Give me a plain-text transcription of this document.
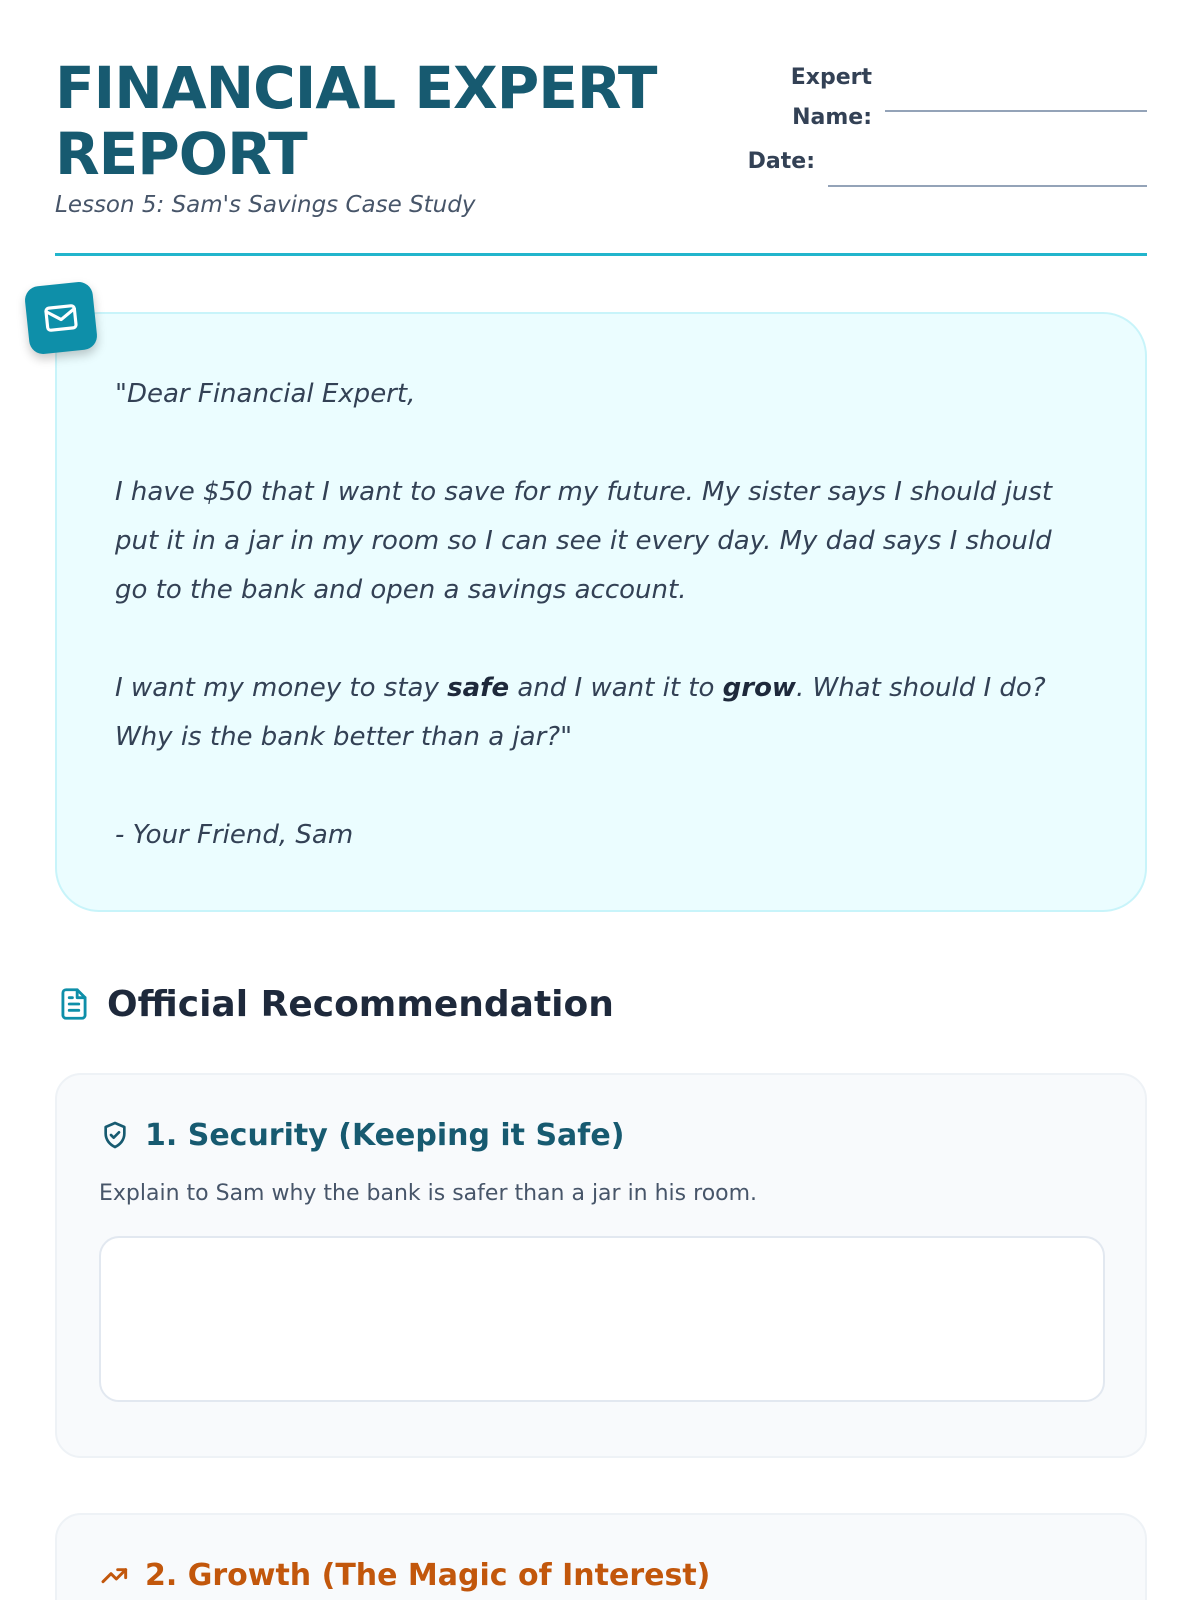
FINANCIAL EXPERT REPORT
Lesson 5: Sam's Savings Case Study
Expert Name:
Date:

"Dear Financial Expert,

I have $50 that I want to save for my future. My sister says I should just put it in a jar in my room so I can see it every day. My dad says I should go to the bank and open a savings account.

I want my money to stay safe and I want it to grow. What should I do? Why is the bank better than a jar?"

- Your Friend, Sam

Official Recommendation
1. Security (Keeping it Safe)
Explain to Sam why the bank is safer than a jar in his room.
2. Growth (The Magic of Interest)
